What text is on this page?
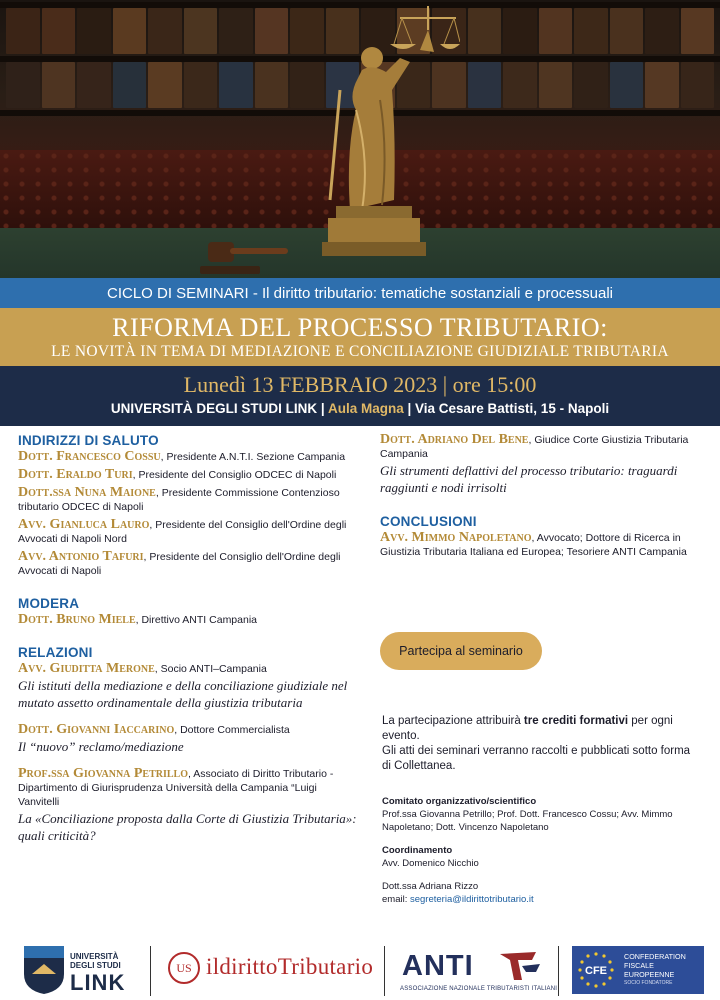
CICLO DI SEMINARI - Il diritto tributario: tematiche sostanziali e processuali
RIFORMA DEL PROCESSO TRIBUTARIO:
LE NOVITÀ IN TEMA DI MEDIAZIONE E CONCILIAZIONE GIUDIZIALE TRIBUTARIA
Lunedì 13 FEBBRAIO 2023 | ore 15:00
UNIVERSITÀ DEGLI STUDI LINK | Aula Magna | Via Cesare Battisti, 15 - Napoli
INDIRIZZI DI SALUTO
Dott. Francesco Cossu, Presidente A.N.T.I. Sezione Campania
Dott. Eraldo Turi, Presidente del Consiglio ODCEC di Napoli
Dott.ssa Nuna Maione, Presidente Commissione Contenzioso tributario ODCEC di Napoli
Avv. Gianluca Lauro, Presidente del Consiglio dell'Ordine degli Avvocati di Napoli Nord
Avv. Antonio Tafuri, Presidente del Consiglio dell'Ordine degli Avvocati di Napoli
MODERA
Dott. Bruno Miele, Direttivo ANTI Campania
RELAZIONI
Avv. Giuditta Merone, Socio ANTI–Campania
Gli istituti della mediazione e della conciliazione giudiziale nel mutato assetto ordinamentale della giustizia tributaria
Dott. Giovanni Iaccarino, Dottore Commercialista
Il “nuovo” reclamo/mediazione
Prof.ssa Giovanna Petrillo, Associato di Diritto Tributario - Dipartimento di Giurisprudenza Università della Campania “Luigi Vanvitelli
La «Conciliazione proposta dalla Corte di Giustizia Tributaria»: quali criticità?
Dott. Adriano Del Bene, Giudice Corte Giustizia Tributaria Campania
Gli strumenti deflattivi del processo tributario: traguardi raggiunti e nodi irrisolti
CONCLUSIONI
Avv. Mimmo Napoletano, Avvocato; Dottore di Ricerca in Giustizia Tributaria Italiana ed Europea; Tesoriere ANTI Campania
Partecipa al seminario
La partecipazione attribuirà tre crediti formativi per ogni evento.
Gli atti dei seminari verranno raccolti e pubblicati sotto forma di Collettanea.
Comitato organizzativo/scientifico
Prof.ssa Giovanna Petrillo; Prof. Dott. Francesco Cossu; Avv. Mimmo Napoletano; Dott. Vincenzo Napoletano
Coordinamento
Avv. Domenico Nicchio
Dott.ssa Adriana Rizzo
email: segreteria@ildirittotributario.it
UNIVERSITÀ
DEGLI STUDI
LINK
US ildirittoTributario ANTI
ASSOCIAZIONE NAZIONALE TRIBUTARISTI ITALIANI
CFE
CONFEDERATION
FISCALE
EUROPEENNE
SOCIO FONDATORE
